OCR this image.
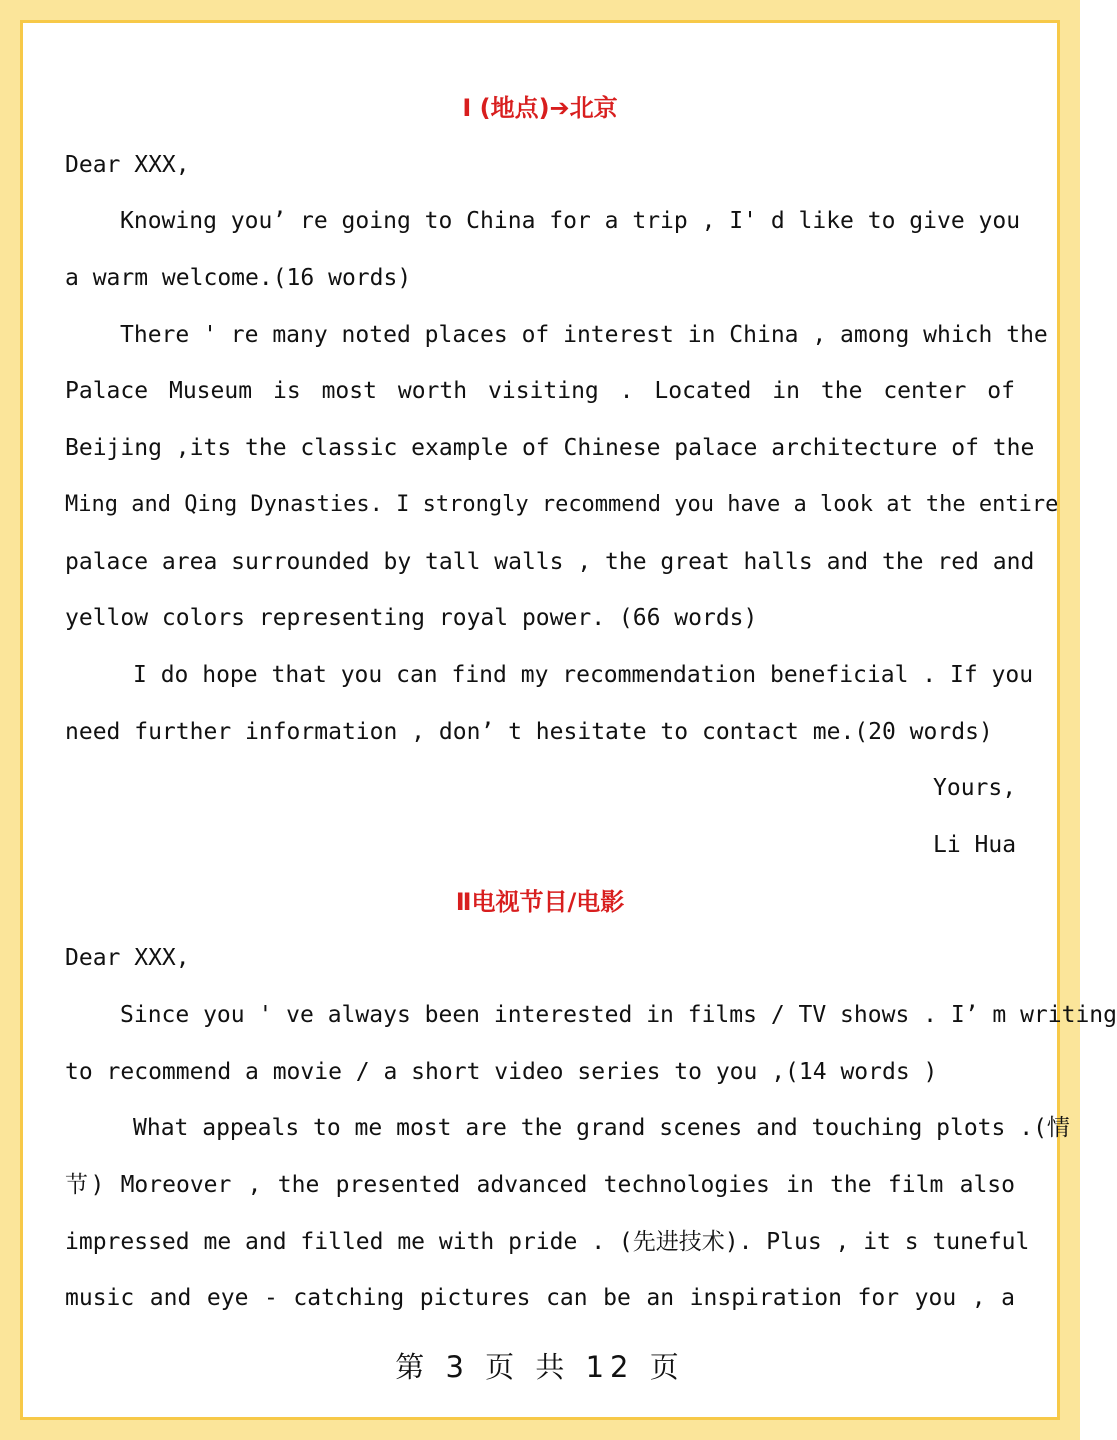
Ⅰ (地点)➔北京
Dear XXX,
Knowing you’ re going to China for a trip , I' d like to give you
a warm welcome.(16 words)
There ' re many noted places of interest in China , among which the
Palace Museum is most worth visiting . Located in the center of
Beijing ,its the classic example of Chinese palace architecture of the
Ming and Qing Dynasties. I strongly recommend you have a look at the entire
palace area surrounded by tall walls , the great halls and the red and
yellow colors representing royal power. (66 words)
I do hope that you can find my recommendation beneficial . If you
need further information , don’ t hesitate to contact me.(20 words)
Yours,
Li Hua
Ⅱ电视节目/电影
Dear XXX,
Since you ' ve always been interested in films / TV shows . I’ m writing
to recommend a movie / a short video series to you ,(14 words )
What appeals to me most are the grand scenes and touching plots .(情
节) Moreover , the presented advanced technologies in the film also
impressed me and filled me with pride . (先进技术). Plus , it s tuneful
music and eye - catching pictures can be an inspiration for you , a
第 3 页 共 12 页
